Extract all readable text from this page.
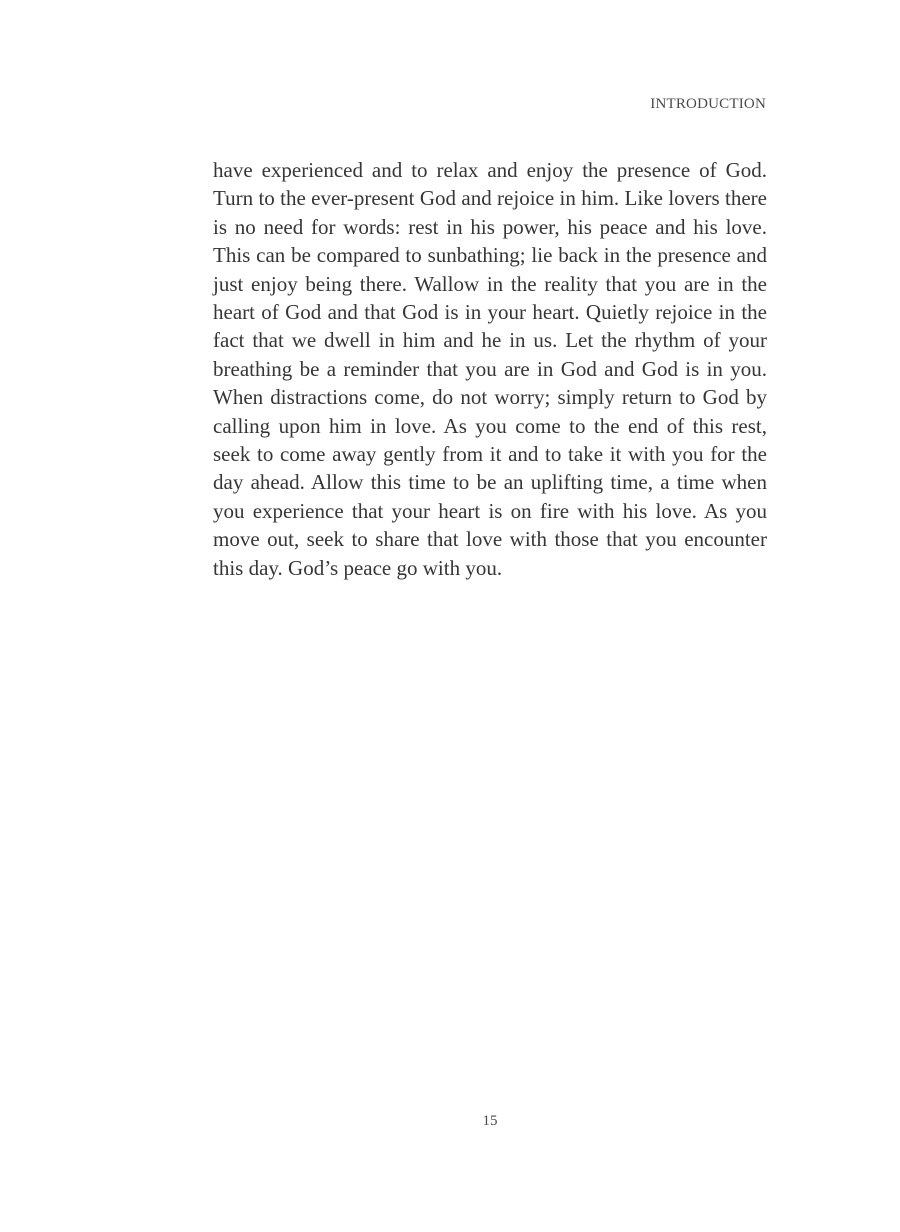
INTRODUCTION

have experienced and to relax and enjoy the presence of God. Turn to the ever-present God and rejoice in him. Like lovers there is no need for words: rest in his power, his peace and his love. This can be compared to sunbathing; lie back in the presence and just enjoy being there. Wallow in the reality that you are in the heart of God and that God is in your heart. Quietly rejoice in the fact that we dwell in him and he in us. Let the rhythm of your breathing be a reminder that you are in God and God is in you. When distractions come, do not worry; simply return to God by calling upon him in love. As you come to the end of this rest, seek to come away gently from it and to take it with you for the day ahead. Allow this time to be an uplifting time, a time when you experience that your heart is on fire with his love. As you move out, seek to share that love with those that you encounter this day. God’s peace go with you.

15
